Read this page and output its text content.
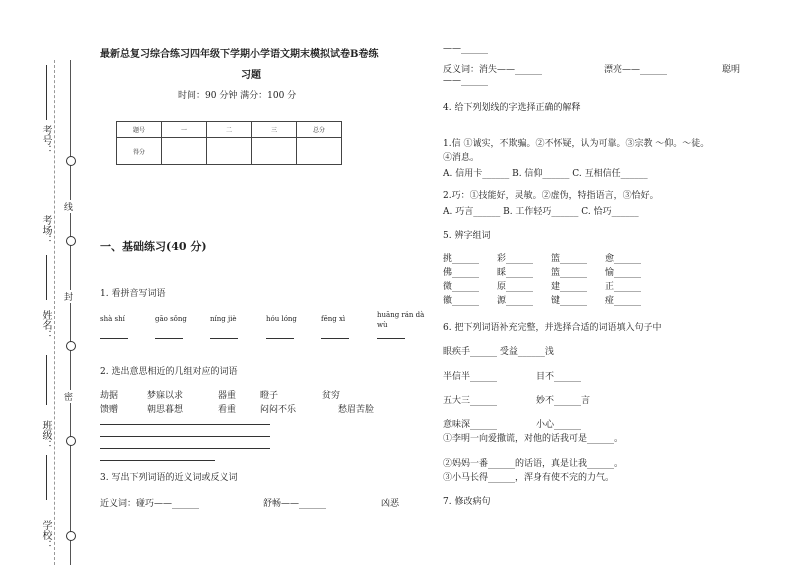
线
封
密
考号：
考场：
姓名：
班级：
学校：
最新总复习综合练习四年级下学期小学语文期末模拟试卷B卷练
习题
时间：90 分钟 满分：100 分
题号	一	二	三	总分
得分				
一、基础练习(40 分)
1. 看拼音写词语
shà shí	gāo sǒng	níng jiè	hóu lóng	fēng xì	huāng rán dà wù
2. 选出意思相近的几组对应的词语
劫据	梦寐以求	器重	瞪子	贫穷
馈赠	朝思暮想	看重	闷闷不乐	愁眉苦脸
3. 写出下列词语的近义词或反义词
近义词：碰巧——______	舒畅——______	凶恶
——______
反义词：消失——______	漂亮——______	聪明
——______
4. 给下列划线的字选择正确的解释
1.信 ①诚实，不欺骗。②不怀疑，认为可靠。③宗教 ～仰。～徒。
④消息。
A. 信用卡______ B. 信仰______ C. 互相信任______
2.巧：①技能好，灵敏。②虚伪，特指语言，③恰好。
A. 巧言______ B. 工作轻巧______ C. 恰巧______
5. 辨字组词
挑______ 彩______ 篮______ 愈______
佛______ 睬______ 篮______ 愉______
微______ 原______ 建______ 正______
徽______ 源______ 键______ 痖______
6. 把下列词语补充完整，并选择合适的词语填入句子中
眼疾手______ 受益______浅
半信半______	目不______
五大三______	妙不______言
意味深______	小心______
①李明一向爱撒谎，对他的话我可是______。
②妈妈一番______的话语，真是让我______。
③小马长得______，浑身有使不完的力气。
7. 修改病句
